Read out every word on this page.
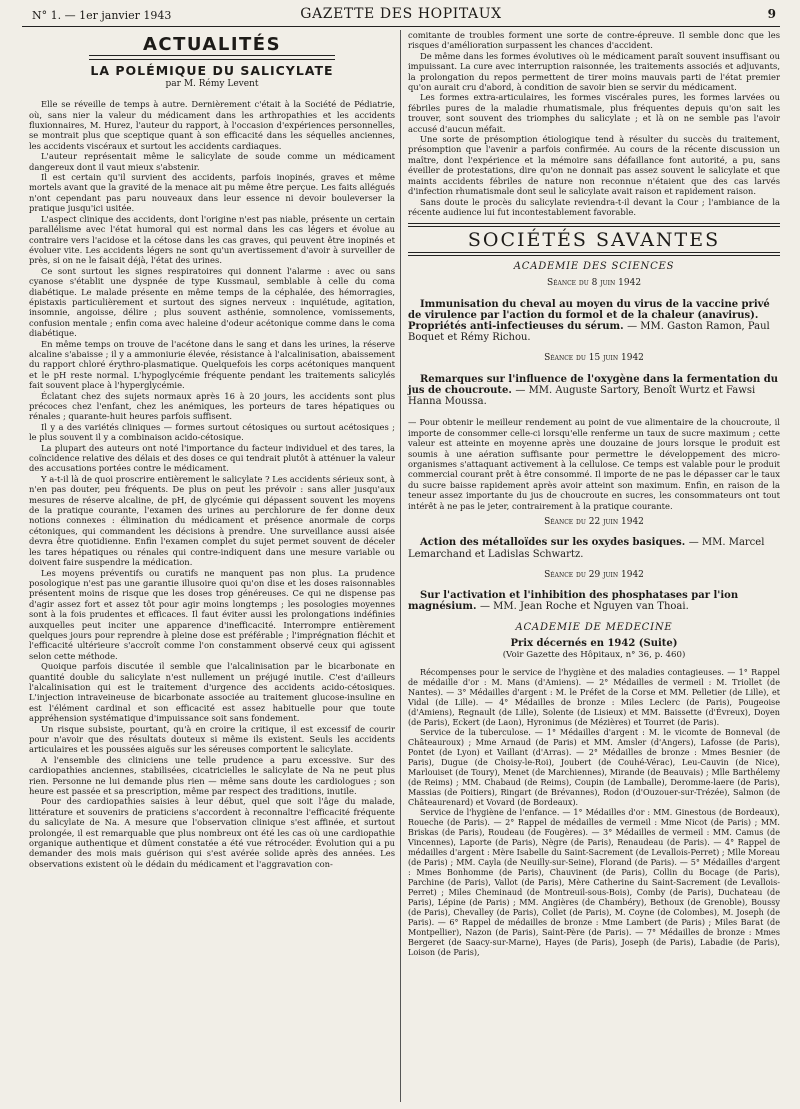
N° 1. — 1er janvier 1943	GAZETTE DES HOPITAUX	9
ACTUALITÉS
LA POLÉMIQUE DU SALICYLATE
par M. Rémy Levent

Elle se réveille de temps à autre. Dernièrement c'était à la Société de Pédiatrie, où, sans nier la valeur du médicament dans les arthropathies et les accidents fluxionnaires, M. Hurez, l'auteur du rapport, à l'occasion d'expériences personnelles, se montrait plus que sceptique quant à son efficacité dans les séquelles anciennes, les accidents viscéraux et surtout les accidents cardiaques.

L'auteur représentait même le salicylate de soude comme un médicament dangereux dont il vaut mieux s'abstenir.

Il est certain qu'il survient des accidents, parfois inopinés, graves et même mortels avant que la gravité de la menace ait pu même être perçue. Les faits allégués n'ont cependant pas paru nouveaux dans leur essence ni devoir bouleverser la pratique jusqu'ici usitée.

L'aspect clinique des accidents, dont l'origine n'est pas niable, présente un certain parallélisme avec l'état humoral qui est normal dans les cas légers et évolue au contraire vers l'acidose et la cétose dans les cas graves, qui peuvent être inopinés et évoluer vite. Les accidents légers ne sont qu'un avertissement d'avoir à surveiller de près, si on ne le faisait déjà, l'état des urines.

Ce sont surtout les signes respiratoires qui donnent l'alarme : avec ou sans cyanose s'établit une dyspnée de type Kussmaul, semblable à celle du coma diabétique. Le malade présente en même temps de la céphalée, des hémorragies, épistaxis particulièrement et surtout des signes nerveux : inquiétude, agitation, insomnie, angoisse, délire ; plus souvent asthénie, somnolence, vomissements, confusion mentale ; enfin coma avec haleine d'odeur acétonique comme dans le coma diabétique.

En même temps on trouve de l'acétone dans le sang et dans les urines, la réserve alcaline s'abaisse ; il y a ammoniurie élevée, résistance à l'alcalinisation, abaissement du rapport chloré érythro-plasmatique. Quelquefois les corps acétoniques manquent et le pH reste normal. L'hypoglycémie fréquente pendant les traitements salicylés fait souvent place à l'hyperglycémie.

Éclatant chez des sujets normaux après 16 à 20 jours, les accidents sont plus précoces chez l'enfant, chez les anémiques, les porteurs de tares hépatiques ou rénales ; quarante-huit heures parfois suffisent.

Il y a des variétés cliniques — formes surtout cétosiques ou surtout acétosiques ; le plus souvent il y a combinaison acido-cétosique.

La plupart des auteurs ont noté l'importance du facteur individuel et des tares, la coïncidence relative des délais et des doses ce qui tendrait plutôt à atténuer la valeur des accusations portées contre le médicament.

Y a-t-il là de quoi proscrire entièrement le salicylate ? Les accidents sérieux sont, à n'en pas douter, peu fréquents. De plus on peut les prévoir : sans aller jusqu'aux mesures de réserve alcaline, de pH, de glycémie qui dépassent souvent les moyens de la pratique courante, l'examen des urines au perchlorure de fer donne deux notions connexes : élimination du médicament et présence anormale de corps cétoniques, qui commandent les décisions à prendre. Une surveillance aussi aisée devra être quotidienne. Enfin l'examen complet du sujet permet souvent de déceler les tares hépatiques ou rénales qui contre-indiquent dans une mesure variable ou doivent faire suspendre la médication.

Les moyens préventifs ou curatifs ne manquent pas non plus. La prudence posologique n'est pas une garantie illusoire quoi qu'on dise et les doses raisonnables présentent moins de risque que les doses trop généreuses. Ce qui ne dispense pas d'agir assez fort et assez tôt pour agir moins longtemps ; les posologies moyennes sont à la fois prudentes et efficaces. Il faut éviter aussi les prolongations indéfinies auxquelles peut inciter une apparence d'inefficacité. Interrompre entièrement quelques jours pour reprendre à pleine dose est préférable ; l'imprégnation fléchit et l'efficacité ultérieure s'accroît comme l'on constamment observé ceux qui agissent selon cette méthode.

Quoique parfois discutée il semble que l'alcalinisation par le bicarbonate en quantité double du salicylate n'est nullement un préjugé inutile. C'est d'ailleurs l'alcalinisation qui est le traitement d'urgence des accidents acido-cétosiques. L'injection intraveineuse de bicarbonate associée au traitement glucose-insuline en est l'élément cardinal et son efficacité est assez habituelle pour que toute appréhension systématique d'impuissance soit sans fondement.

Un risque subsiste, pourtant, qu'à en croire la critique, il est excessif de courir pour n'avoir que des résultats douteux si même ils existent. Seuls les accidents articulaires et les poussées aiguës sur les séreuses comportent le salicylate.

A l'ensemble des cliniciens une telle prudence a paru excessive. Sur des cardiopathies anciennes, stabilisées, cicatricielles le salicylate de Na ne peut plus rien. Personne ne lui demande plus rien — même sans doute les cardiologues ; son heure est passée et sa prescription, même par respect des traditions, inutile.

Pour des cardiopathies saisies à leur début, quel que soit l'âge du malade, littérature et souvenirs de praticiens s'accordent à reconnaître l'efficacité fréquente du salicylate de Na. A mesure que l'observation clinique s'est affinée, et surtout prolongée, il est remarquable que plus nombreux ont été les cas où une cardiopathie organique authentique et dûment constatée a été vue rétrocéder. Évolution qui a pu demander des mois mais guérison qui s'est avérée solide après des années. Les observations existent où le dédain du médicament et l'aggravation con-

comitante de troubles forment une sorte de contre-épreuve. Il semble donc que les risques d'amélioration surpassent les chances d'accident.

De même dans les formes évolutives où le médicament paraît souvent insuffisant ou impuissant. La cure avec interruption raisonnée, les traitements associés et adjuvants, la prolongation du repos permettent de tirer moins mauvais parti de l'état premier qu'on aurait cru d'abord, à condition de savoir bien se servir du médicament.

Les formes extra-articulaires, les formes viscérales pures, les formes larvées ou fébriles pures de la maladie rhumatismale, plus fréquentes depuis qu'on sait les trouver, sont souvent des triomphes du salicylate ; et là on ne semble pas l'avoir accusé d'aucun méfait.

Une sorte de présomption étiologique tend à résulter du succès du traitement, présomption que l'avenir a parfois confirmée. Au cours de la récente discussion un maître, dont l'expérience et la mémoire sans défaillance font autorité, a pu, sans éveiller de protestations, dire qu'on ne donnait pas assez souvent le salicylate et que maints accidents fébriles de nature non reconnue n'étaient que des cas larvés d'infection rhumatismale dont seul le salicylate avait raison et rapidement raison.

Sans doute le procès du salicylate reviendra-t-il devant la Cour ; l'ambiance de la récente audience lui fut incontestablement favorable.

SOCIÉTÉS SAVANTES
ACADEMIE DES SCIENCES
Séance du 8 juin 1942

Immunisation du cheval au moyen du virus de la vaccine privé de virulence par l'action du formol et de la chaleur (anavirus). Propriétés anti-infectieuses du sérum. — MM. Gaston Ramon, Paul Boquet et Rémy Richou.

Séance du 15 juin 1942

Remarques sur l'influence de l'oxygène dans la fermentation du jus de choucroute. — MM. Auguste Sartory, Benoît Wurtz et Fawsi Hanna Moussa.

— Pour obtenir le meilleur rendement au point de vue alimentaire de la choucroute, il importe de consommer celle-ci lorsqu'elle renferme un taux de sucre maximum ; cette valeur est atteinte en moyenne après une douzaine de jours lorsque le produit est soumis à une aération suffisante pour permettre le développement des micro-organismes s'attaquant activement à la cellulose. Ce temps est valable pour le produit commercial courant prêt à être consommé. Il importe de ne pas le dépasser car le taux du sucre baisse rapidement après avoir atteint son maximum. Enfin, en raison de la teneur assez importante du jus de choucroute en sucres, les consommateurs ont tout intérêt à ne pas le jeter, contrairement à la pratique courante.

Séance du 22 juin 1942

Action des métalloïdes sur les oxydes basiques. — MM. Marcel Lemarchand et Ladislas Schwartz.

Séance du 29 juin 1942

Sur l'activation et l'inhibition des phosphatases par l'ion magnésium. — MM. Jean Roche et Nguyen van Thoai.

ACADEMIE DE MEDECINE
Prix décernés en 1942 (Suite)
(Voir Gazette des Hôpitaux, n° 36, p. 460)

Récompenses pour le service de l'hygiène et des maladies contagieuses. — 1° Rappel de médaille d'or : M. Mans (d'Amiens). — 2° Médailles de vermeil : M. Triollet (de Nantes). — 3° Médailles d'argent : M. le Préfet de la Corse et MM. Pelletier (de Lille), et Vidal (de Lille). — 4° Médailles de bronze : Miles Leclerc (de Paris), Pougeoise (d'Amiens), Regnault (de Lille), Solente (de Lisieux) et MM. Baissette (d'Évreux), Doyen (de Paris), Eckert (de Laon), Hyronimus (de Mézières) et Tourret (de Paris).

Service de la tuberculose. — 1° Médailles d'argent : M. le vicomte de Bonneval (de Châteauroux) ; Mme Arnaud (de Paris) et MM. Amsler (d'Angers), Lafosse (de Paris), Pontet (de Lyon) et Vaillant (d'Arras). — 2° Médailles de bronze : Mmes Besnier (de Paris), Dugue (de Choisy-le-Roi), Joubert (de Couhé-Vérac), Leu-Cauvin (de Nice), Marlouiset (de Toury), Menet (de Marchiennes), Mirande (de Beauvais) ; Mlle Barthélemy (de Reims) ; MM. Chabaud (de Reims), Coupin (de Lamballe), Deromme-laere (de Paris), Massias (de Poitiers), Ringart (de Brévannes), Rodon (d'Ouzouer-sur-Trézée), Salmon (de Châteaurenard) et Vovard (de Bordeaux).

Service de l'hygiène de l'enfance. — 1° Médailles d'or : MM. Ginestous (de Bordeaux), Roueche (de Paris). — 2° Rappel de médailles de vermeil : Mme Nicot (de Paris) ; MM. Briskas (de Paris), Roudeau (de Fougères). — 3° Médailles de vermeil : MM. Camus (de Vincennes), Laporte (de Paris), Nègre (de Paris), Renaudeau (de Paris). — 4° Rappel de médailles d'argent : Mère Isabelle du Saint-Sacrement (de Levallois-Perret) ; Mlle Moreau (de Paris) ; MM. Cayla (de Neuilly-sur-Seine), Florand (de Paris). — 5° Médailles d'argent : Mmes Bonhomme (de Paris), Chauvinent (de Paris), Collin du Bocage (de Paris), Parchine (de Paris), Vallot (de Paris), Mère Catherine du Saint-Sacrement (de Levallois-Perret) ; Miles Cheminaud (de Montreuil-sous-Bois), Comby (de Paris), Duchateau (de Paris), Lépine (de Paris) ; MM. Angières (de Chambéry), Bethoux (de Grenoble), Boussy (de Paris), Chevalley (de Paris), Collet (de Paris), M. Coyne (de Colombes), M. Joseph (de Paris). — 6° Rappel de médailles de bronze : Mme Lambert (de Paris) ; Miles Barat (de Montpellier), Nazon (de Paris), Saint-Père (de Paris). — 7° Médailles de bronze : Mmes Bergeret (de Saacy-sur-Marne), Hayes (de Paris), Joseph (de Paris), Labadie (de Paris), Loison (de Paris),
